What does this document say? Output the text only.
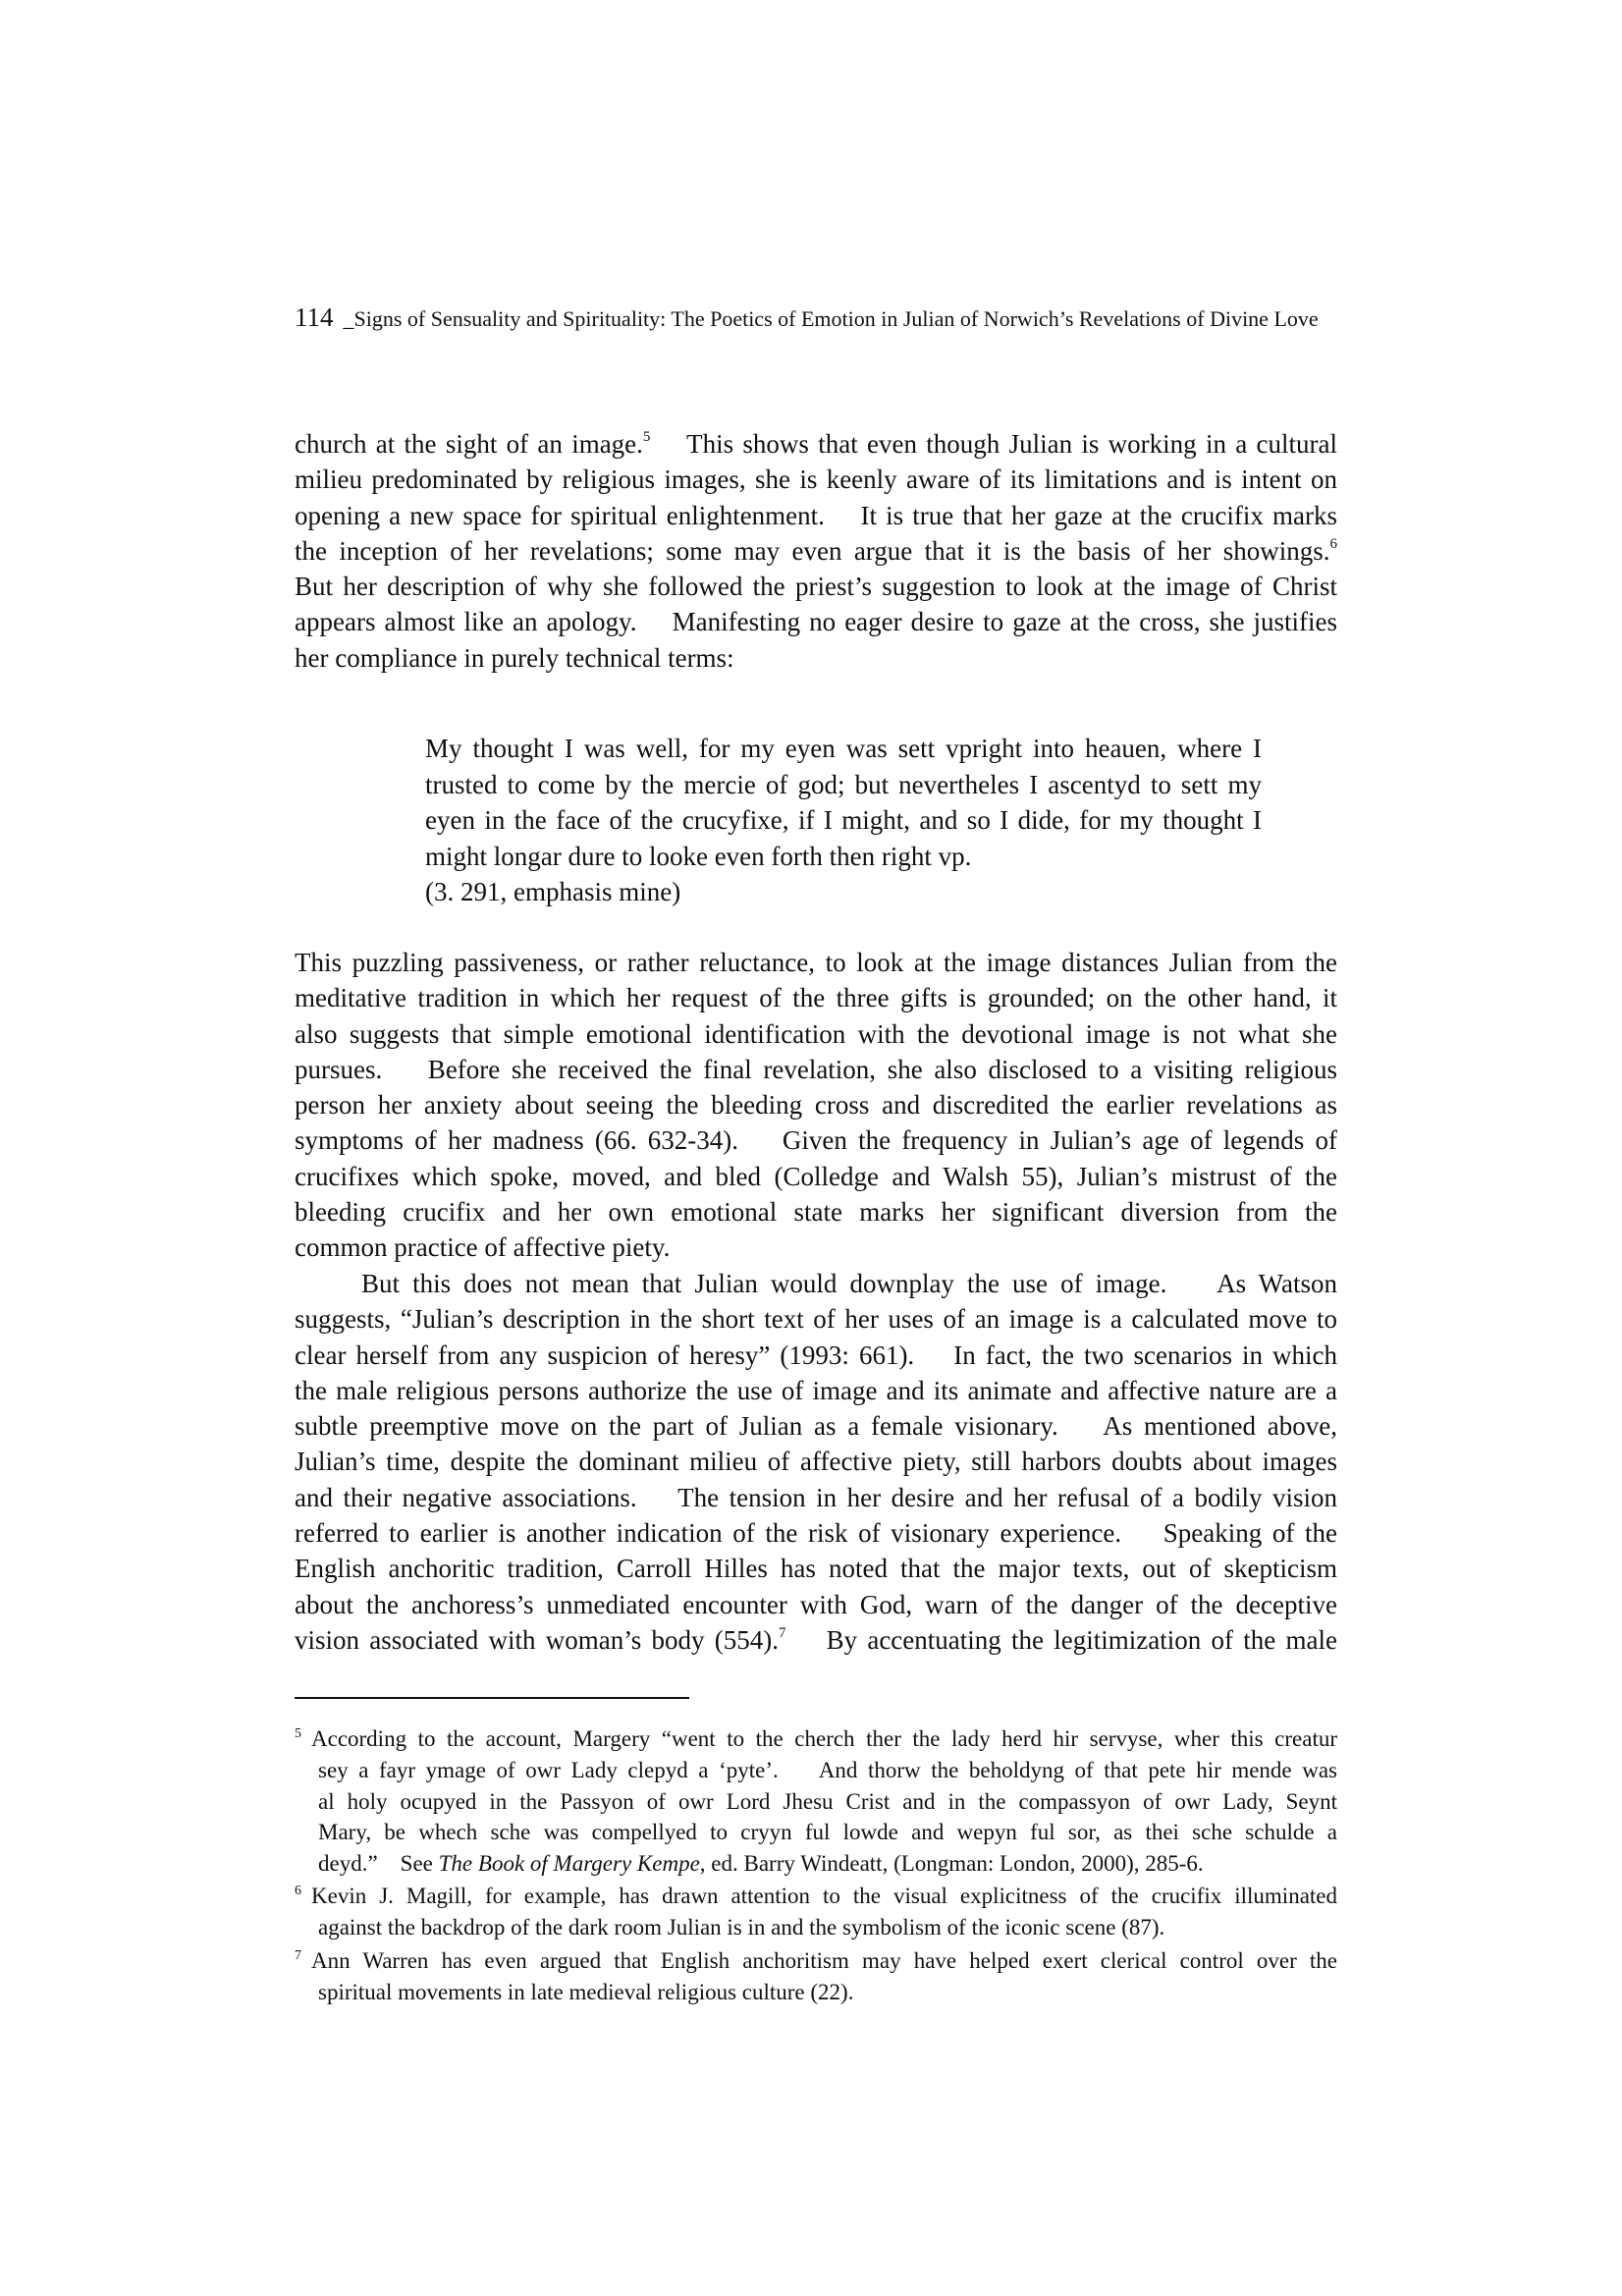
114 _Signs of Sensuality and Spirituality: The Poetics of Emotion in Julian of Norwich’s Revelations of Divine Love
church at the sight of an image.$^5$    This shows that even though Julian is working in a cultural
milieu predominated by religious images, she is keenly aware of its limitations and is intent on
opening a new space for spiritual enlightenment.    It is true that her gaze at the crucifix marks
the inception of her revelations; some may even argue that it is the basis of her showings.$^6$
But her description of why she followed the priest’s suggestion to look at the image of Christ
appears almost like an apology.    Manifesting no eager desire to gaze at the cross, she justifies
her compliance in purely technical terms:
My thought I was well, for my eyen was sett vpright into heauen, where I
trusted to come by the mercie of god; but nevertheles I ascentyd to sett my
eyen in the face of the crucyfixe, if I might, and so I dide, for my thought I
might longar dure to looke even forth then right vp.
(3. 291, emphasis mine)
This puzzling passiveness, or rather reluctance, to look at the image distances Julian from the
meditative tradition in which her request of the three gifts is grounded; on the other hand, it
also suggests that simple emotional identification with the devotional image is not what she
pursues.    Before she received the final revelation, she also disclosed to a visiting religious
person her anxiety about seeing the bleeding cross and discredited the earlier revelations as
symptoms of her madness (66. 632-34).    Given the frequency in Julian’s age of legends of
crucifixes which spoke, moved, and bled (Colledge and Walsh 55), Julian’s mistrust of the
bleeding crucifix and her own emotional state marks her significant diversion from the
common practice of affective piety.
But this does not mean that Julian would downplay the use of image.    As Watson
suggests, “Julian’s description in the short text of her uses of an image is a calculated move to
clear herself from any suspicion of heresy” (1993: 661).    In fact, the two scenarios in which
the male religious persons authorize the use of image and its animate and affective nature are a
subtle preemptive move on the part of Julian as a female visionary.    As mentioned above,
Julian’s time, despite the dominant milieu of affective piety, still harbors doubts about images
and their negative associations.    The tension in her desire and her refusal of a bodily vision
referred to earlier is another indication of the risk of visionary experience.    Speaking of the
English anchoritic tradition, Carroll Hilles has noted that the major texts, out of skepticism
about the anchoress’s unmediated encounter with God, warn of the danger of the deceptive
vision associated with woman’s body (554).$^7$    By accentuating the legitimization of the male
$^5$ According to the account, Margery “went to the cherch ther the lady herd hir servyse, wher this creatur
sey a fayr ymage of owr Lady clepyd a ‘pyte’.    And thorw the beholdyng of that pete hir mende was
al holy ocupyed in the Passyon of owr Lord Jhesu Crist and in the compassyon of owr Lady, Seynt
Mary, be whech sche was compellyed to cryyn ful lowde and wepyn ful sor, as thei sche schulde a
deyd.”    See The Book of Margery Kempe, ed. Barry Windeatt, (Longman: London, 2000), 285-6.
$^6$ Kevin J. Magill, for example, has drawn attention to the visual explicitness of the crucifix illuminated
against the backdrop of the dark room Julian is in and the symbolism of the iconic scene (87).
$^7$ Ann Warren has even argued that English anchoritism may have helped exert clerical control over the
spiritual movements in late medieval religious culture (22).
